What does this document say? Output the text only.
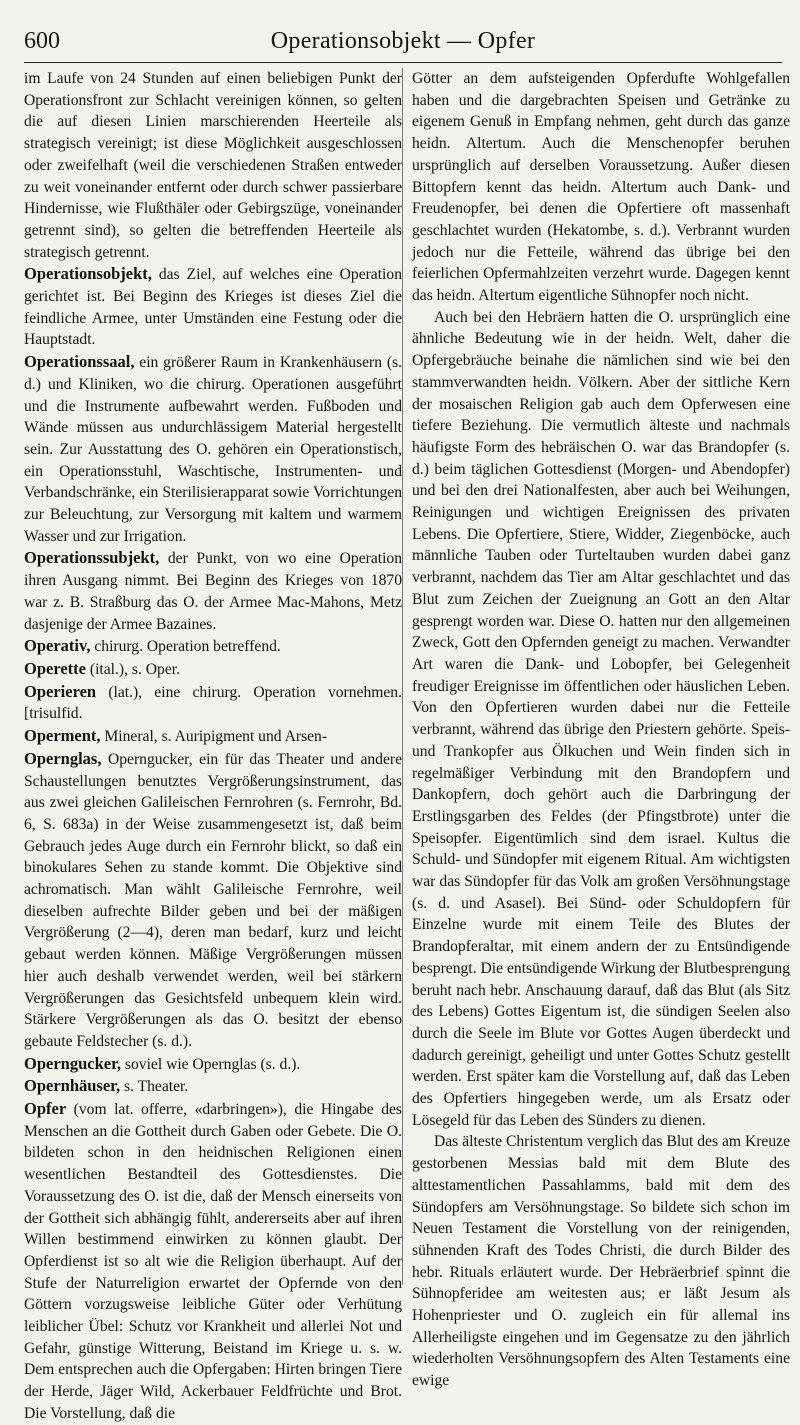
600	Operationsobjekt — Opfer

im Laufe von 24 Stunden auf einen beliebigen Punkt der Operationsfront zur Schlacht vereinigen können, so gelten die auf diesen Linien marschierenden Heerteile als strategisch vereinigt; ist diese Möglichkeit ausgeschlossen oder zweifelhaft (weil die verschiedenen Straßen entweder zu weit voneinander entfernt oder durch schwer passierbare Hindernisse, wie Flußthäler oder Gebirgszüge, voneinander getrennt sind), so gelten die betreffenden Heerteile als strategisch getrennt.

Operationsobjekt, das Ziel, auf welches eine Operation gerichtet ist. Bei Beginn des Krieges ist dieses Ziel die feindliche Armee, unter Umständen eine Festung oder die Hauptstadt.

Operationssaal, ein größerer Raum in Krankenhäusern (s. d.) und Kliniken, wo die chirurg. Operationen ausgeführt und die Instrumente aufbewahrt werden. Fußboden und Wände müssen aus undurchlässigem Material hergestellt sein. Zur Ausstattung des O. gehören ein Operationstisch, ein Operationsstuhl, Waschtische, Instrumenten- und Verbandschränke, ein Sterilisierapparat sowie Vorrichtungen zur Beleuchtung, zur Versorgung mit kaltem und warmem Wasser und zur Irrigation.

Operationssubjekt, der Punkt, von wo eine Operation ihren Ausgang nimmt. Bei Beginn des Krieges von 1870 war z. B. Straßburg das O. der Armee Mac-Mahons, Metz dasjenige der Armee Bazaines.

Operativ, chirurg. Operation betreffend.

Operette (ital.), s. Oper.

Operieren (lat.), eine chirurg. Operation vornehmen. [trisulfid.

Operment, Mineral, s. Auripigment und Arsen-

Opernglas, Operngucker, ein für das Theater und andere Schaustellungen benutztes Vergrößerungsinstrument, das aus zwei gleichen Galileischen Fernrohren (s. Fernrohr, Bd. 6, S. 683a) in der Weise zusammengesetzt ist, daß beim Gebrauch jedes Auge durch ein Fernrohr blickt, so daß ein binokulares Sehen zu stande kommt. Die Objektive sind achromatisch. Man wählt Galileische Fernrohre, weil dieselben aufrechte Bilder geben und bei der mäßigen Vergrößerung (2—4), deren man bedarf, kurz und leicht gebaut werden können. Mäßige Vergrößerungen müssen hier auch deshalb verwendet werden, weil bei stärkern Vergrößerungen das Gesichtsfeld unbequem klein wird. Stärkere Vergrößerungen als das O. besitzt der ebenso gebaute Feldstecher (s. d.).

Operngucker, soviel wie Opernglas (s. d.).

Opernhäuser, s. Theater.

Opfer (vom lat. offerre, «darbringen»), die Hingabe des Menschen an die Gottheit durch Gaben oder Gebete. Die O. bildeten schon in den heidnischen Religionen einen wesentlichen Bestandteil des Gottesdienstes. Die Voraussetzung des O. ist die, daß der Mensch einerseits von der Gottheit sich abhängig fühlt, andererseits aber auf ihren Willen bestimmend einwirken zu können glaubt. Der Opferdienst ist so alt wie die Religion überhaupt. Auf der Stufe der Naturreligion erwartet der Opfernde von den Göttern vorzugsweise leibliche Güter oder Verhütung leiblicher Übel: Schutz vor Krankheit und allerlei Not und Gefahr, günstige Witterung, Beistand im Kriege u. s. w. Dem entsprechen auch die Opfergaben: Hirten bringen Tiere der Herde, Jäger Wild, Ackerbauer Feldfrüchte und Brot. Die Vorstellung, daß die

Götter an dem aufsteigenden Opferdufte Wohlgefallen haben und die dargebrachten Speisen und Getränke zu eigenem Genuß in Empfang nehmen, geht durch das ganze heidn. Altertum. Auch die Menschenopfer beruhen ursprünglich auf derselben Voraussetzung. Außer diesen Bittopfern kennt das heidn. Altertum auch Dank- und Freudenopfer, bei denen die Opfertiere oft massenhaft geschlachtet wurden (Hekatombe, s. d.). Verbrannt wurden jedoch nur die Fetteile, während das übrige bei den feierlichen Opfermahlzeiten verzehrt wurde. Dagegen kennt das heidn. Altertum eigentliche Sühnopfer noch nicht.

Auch bei den Hebräern hatten die O. ursprünglich eine ähnliche Bedeutung wie in der heidn. Welt, daher die Opfergebräuche beinahe die nämlichen sind wie bei den stammverwandten heidn. Völkern. Aber der sittliche Kern der mosaischen Religion gab auch dem Opferwesen eine tiefere Beziehung. Die vermutlich älteste und nachmals häufigste Form des hebräischen O. war das Brandopfer (s. d.) beim täglichen Gottesdienst (Morgen- und Abendopfer) und bei den drei Nationalfesten, aber auch bei Weihungen, Reinigungen und wichtigen Ereignissen des privaten Lebens. Die Opfertiere, Stiere, Widder, Ziegenböcke, auch männliche Tauben oder Turteltauben wurden dabei ganz verbrannt, nachdem das Tier am Altar geschlachtet und das Blut zum Zeichen der Zueignung an Gott an den Altar gesprengt worden war. Diese O. hatten nur den allgemeinen Zweck, Gott den Opfernden geneigt zu machen. Verwandter Art waren die Dank- und Lobopfer, bei Gelegenheit freudiger Ereignisse im öffentlichen oder häuslichen Leben. Von den Opfertieren wurden dabei nur die Fetteile verbrannt, während das übrige den Priestern gehörte. Speis- und Trankopfer aus Ölkuchen und Wein finden sich in regelmäßiger Verbindung mit den Brandopfern und Dankopfern, doch gehört auch die Darbringung der Erstlingsgarben des Feldes (der Pfingstbrote) unter die Speisopfer. Eigentümlich sind dem israel. Kultus die Schuld- und Sündopfer mit eigenem Ritual. Am wichtigsten war das Sündopfer für das Volk am großen Versöhnungstage (s. d. und Asasel). Bei Sünd- oder Schuldopfern für Einzelne wurde mit einem Teile des Blutes der Brandopferaltar, mit einem andern der zu Entsündigende besprengt. Die entsündigende Wirkung der Blutbesprengung beruht nach hebr. Anschauung darauf, daß das Blut (als Sitz des Lebens) Gottes Eigentum ist, die sündigen Seelen also durch die Seele im Blute vor Gottes Augen überdeckt und dadurch gereinigt, geheiligt und unter Gottes Schutz gestellt werden. Erst später kam die Vorstellung auf, daß das Leben des Opfertiers hingegeben werde, um als Ersatz oder Lösegeld für das Leben des Sünders zu dienen.

Das älteste Christentum verglich das Blut des am Kreuze gestorbenen Messias bald mit dem Blute des alttestamentlichen Passahlamms, bald mit dem des Sündopfers am Versöhnungstage. So bildete sich schon im Neuen Testament die Vorstellung von der reinigenden, sühnenden Kraft des Todes Christi, die durch Bilder des hebr. Rituals erläutert wurde. Der Hebräerbrief spinnt die Sühnopferidee am weitesten aus; er läßt Jesum als Hohenpriester und O. zugleich ein für allemal ins Allerheiligste eingehen und im Gegensatze zu den jährlich wiederholten Versöhnungsopfern des Alten Testaments eine ewige
